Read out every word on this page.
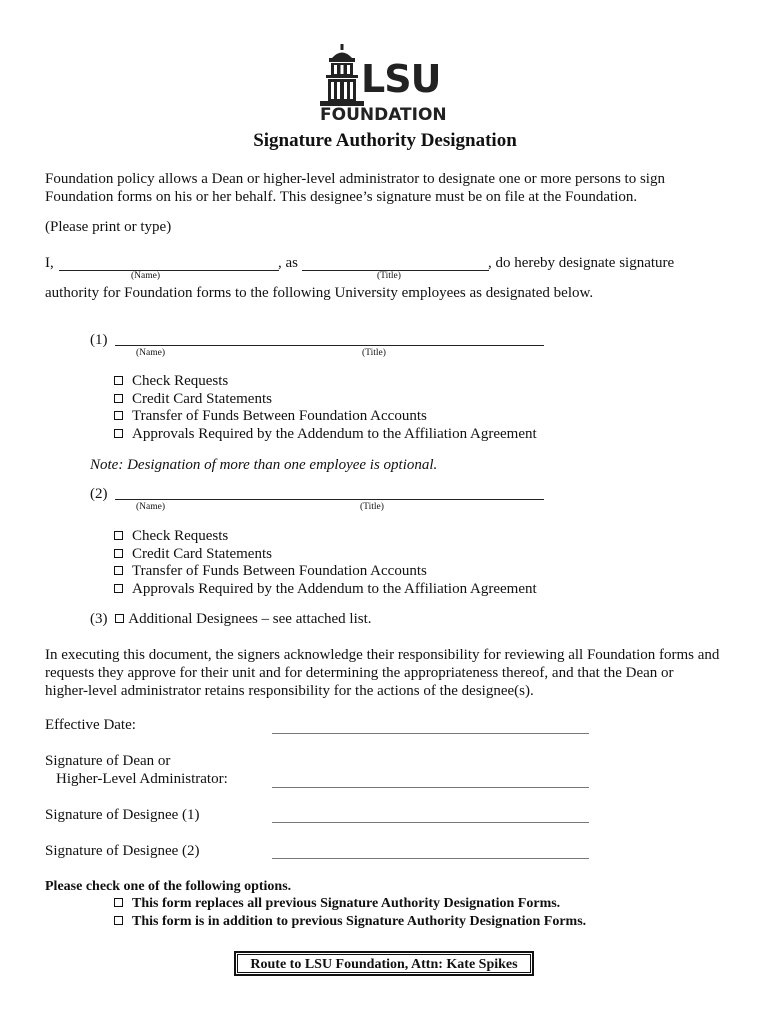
LSU
FOUNDATION
Signature Authority Designation
Foundation policy allows a Dean or higher-level administrator to designate one or more persons to sign
Foundation forms on his or her behalf. This designee’s signature must be on file at the Foundation.
(Please print or type)
I,	, as	, do hereby designate signature
(Name)	(Title)
authority for Foundation forms to the following University employees as designated below.
(1)
(Name)	(Title)
Check Requests
Credit Card Statements
Transfer of Funds Between Foundation Accounts
Approvals Required by the Addendum to the Affiliation Agreement
Note: Designation of more than one employee is optional.
(2)
(Name)	(Title)
Check Requests
Credit Card Statements
Transfer of Funds Between Foundation Accounts
Approvals Required by the Addendum to the Affiliation Agreement
(3) Additional Designees – see attached list.
In executing this document, the signers acknowledge their responsibility for reviewing all Foundation forms and
requests they approve for their unit and for determining the appropriateness thereof, and that the Dean or
higher-level administrator retains responsibility for the actions of the designee(s).
Effective Date:
Signature of Dean or
Higher-Level Administrator:
Signature of Designee (1)
Signature of Designee (2)
Please check one of the following options.
This form replaces all previous Signature Authority Designation Forms.
This form is in addition to previous Signature Authority Designation Forms.
Route to LSU Foundation, Attn: Kate Spikes
